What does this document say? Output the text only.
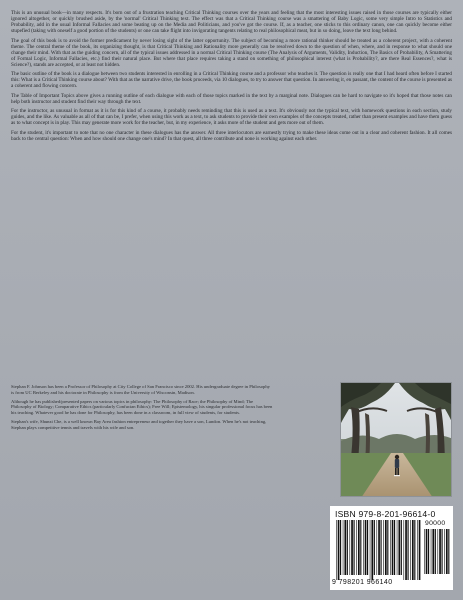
This is an unusual book—in many respects. It's born out of a frustration teaching Critical Thinking courses over the years and feeling that the most interesting issues raised in those courses are typically either ignored altogether, or quickly brushed aside, by the 'normal' Critical Thinking text. The effect was that a Critical Thinking course was a smattering of Baby Logic, some very simple Intro to Statistics and Probability, add in the usual Informal Fallacies and some beating up on the Media and Politicians, and you've got the course. If, as a teacher, one sticks to this ordinary canon, one can quickly become either stupefied (taking with oneself a good portion of the students) or one can take flight into invigorating tangents relating to real philosophical meat, but in so doing, leave the text long behind.

The goal of this book is to avoid the former predicament by never losing sight of the latter opportunity. The subject of becoming a more rational thinker should be treated as a coherent project, with a coherent theme. The central theme of the book, its organizing thought, is that Critical Thinking and Rationality more generally can be resolved down to the question of when, where, and in response to what should one change their mind. With that as the guiding concern, all of the typical issues addressed in a normal Critical Thinking course (The Analysis of Arguments, Validity, Induction, The Basics of Probability, A Smattering of Formal Logic, Informal Fallacies, etc.) find their natural place. But where that place requires taking a stand on something of philosophical interest (what is Probability?, are there Real Essences?, what is Science?), stands are accepted, or at least not hidden.

The basic outline of the book is a dialogue between two students interested in enrolling in a Critical Thinking course and a professor who teaches it. The question is really one that I had heard often before I started this: What is a Critical Thinking course about? With that as the narrative drive, the book proceeds, via 10 dialogues, to try to answer that question. In answering it, en passant, the content of the course is presented as a coherent and flowing concern.

The Table of Important Topics above gives a running outline of each dialogue with each of those topics marked in the text by a marginal note. Dialogues can be hard to navigate so it's hoped that those notes can help both instructor and student find their way through the text.

For the instructor, as unusual in format as it is for this kind of a course, it probably needs reminding that this is used as a text. It's obviously not the typical text, with homework questions in each section, study guides, and the like. As valuable as all of that can be, I prefer, when using this work as a text, to ask students to provide their own examples of the concepts treated, rather than present examples and have them guess as to what concept is in play. This may generate more work for the teacher, but, in my experience, it asks more of the student and gets more out of them.

For the student, it's important to note that no one character in these dialogues has the answer. All three interlocutors are earnestly trying to make these ideas come out in a clear and coherent fashion. It all comes back to the central question: When and how should one change one's mind? In that quest, all three contribute and none is working against each other.

Stephan F. Johnson has been a Professor of Philosophy at City College of San Francisco since 2002. His undergraduate degree in Philosophy is from UC Berkeley and his doctorate in Philosophy is from the University of Wisconsin, Madison.

Although he has published/presented papers on various topics in philosophy: The Philosophy of Race; the Philosophy of Mind; The Philosophy of Biology; Comparative Ethics (particularly Confucian Ethics); Free Will; Epistemology, his singular professional focus has been his teaching. Whatever good he has done for Philosophy, has been done in a classroom, in full view of students, for students.

Stephan's wife, Shunzi Che, is a well known Bay Area fashion entrepreneur and together they have a son, Lundon. When he's not teaching, Stephan plays competitive tennis and travels with his wife and son.

ISBN 979-8-201-96614-0
9 798201 966140
90000
